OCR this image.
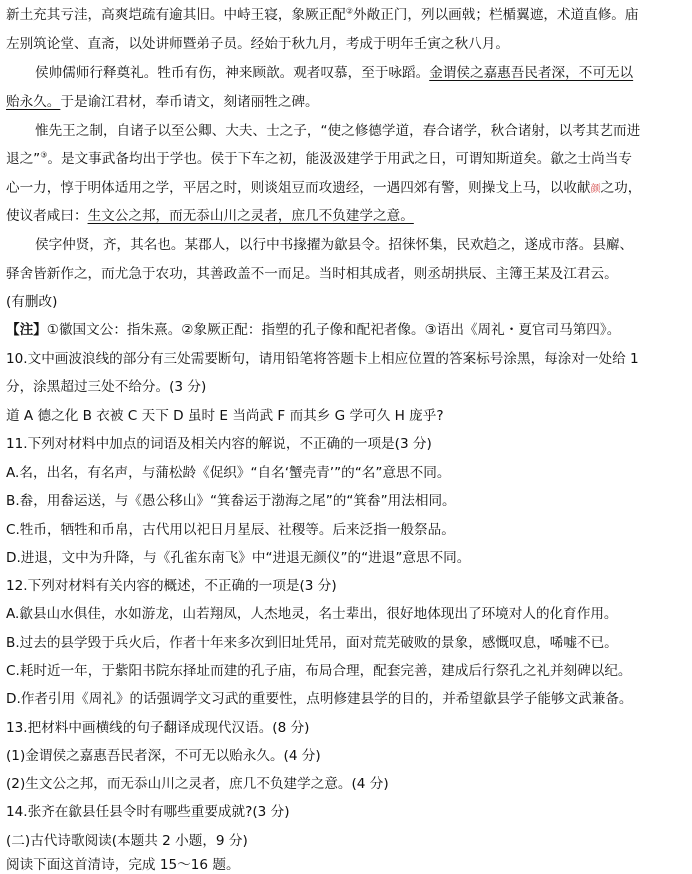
新土充其亏洼，高爽垲疏有逾其旧。中峙王寝，象厥正配②外敞正门，列以画戟；栏楯翼遮，术道直修。庙
左别筑论堂、直斋，以处讲师暨弟子员。经始于秋九月，考成于明年壬寅之秋八月。
侯帅儒师行释奠礼。牲币有伤，神来顾歆。观者叹慕，至于咏蹈。金谓侯之嘉惠吾民者深，不可无以
贻永久。于是谕江君材，奉币请文，刻诸丽牲之碑。
惟先王之制，自诸子以至公卿、大夫、士之子，“使之修德学道，春合诸学，秋合诸射，以考其艺而进
退之”③。是文事武备均出于学也。侯于下车之初，能汲汲建学于用武之日，可谓知斯道矣。歙之士尚当专
心一力，惇于明体适用之学，平居之时，则谈俎豆而攻遗经，一遇四郊有警，则操戈上马，以收献颜之功，
使议者咸曰：生文公之邦，而无忝山川之灵者，庶几不负建学之意。
侯字仲贤，齐，其名也。某郡人，以行中书掾擢为歙县令。招徕怀集，民欢趋之，遂成市落。县廨、
驿舍皆新作之，而尤急于农功，其善政盖不一而足。当时相其成者，则丞胡拱辰、主簿王某及江君云。
(有删改)
【注】①徽国文公：指朱熹。②象厥正配：指塑的孔子像和配祀者像。③语出《周礼・夏官司马第四》。
10.文中画波浪线的部分有三处需要断句，请用铅笔将答题卡上相应位置的答案标号涂黑，每涂对一处给 1
分，涂黑超过三处不给分。(3 分)
道 A 德之化 B 衣被 C 天下 D 虽时 E 当尚武 F 而其乡 G 学可久 H 庞乎?
11.下列对材料中加点的词语及相关内容的解说，不正确的一项是(3 分)
A.名，出名，有名声，与蒲松龄《促织》“自名‘蟹壳青’”的“名”意思不同。
B.畚，用畚运送，与《愚公移山》“箕畚运于渤海之尾”的“箕畚”用法相同。
C.牲币，牺牲和币帛，古代用以祀日月星辰、社稷等。后来泛指一般祭品。
D.进退，文中为升降，与《孔雀东南飞》中“进退无颜仪”的“进退”意思不同。
12.下列对材料有关内容的概述，不正确的一项是(3 分)
A.歙县山水俱佳，水如游龙，山若翔凤，人杰地灵，名士辈出，很好地体现出了环境对人的化育作用。
B.过去的县学毁于兵火后，作者十年来多次到旧址凭吊，面对荒芜破败的景象，感慨叹息，唏嘘不已。
C.耗时近一年，于紫阳书院东择址而建的孔子庙，布局合理，配套完善，建成后行祭孔之礼并刻碑以纪。
D.作者引用《周礼》的话强调学文习武的重要性，点明修建县学的目的，并希望歙县学子能够文武兼备。
13.把材料中画横线的句子翻译成现代汉语。(8 分)
(1)金谓侯之嘉惠吾民者深，不可无以贻永久。(4 分)
(2)生文公之邦，而无忝山川之灵者，庶几不负建学之意。(4 分)
14.张齐在歙县任县令时有哪些重要成就?(3 分)
(二)古代诗歌阅读(本题共 2 小题，9 分)
阅读下面这首清诗，完成 15～16 题。
